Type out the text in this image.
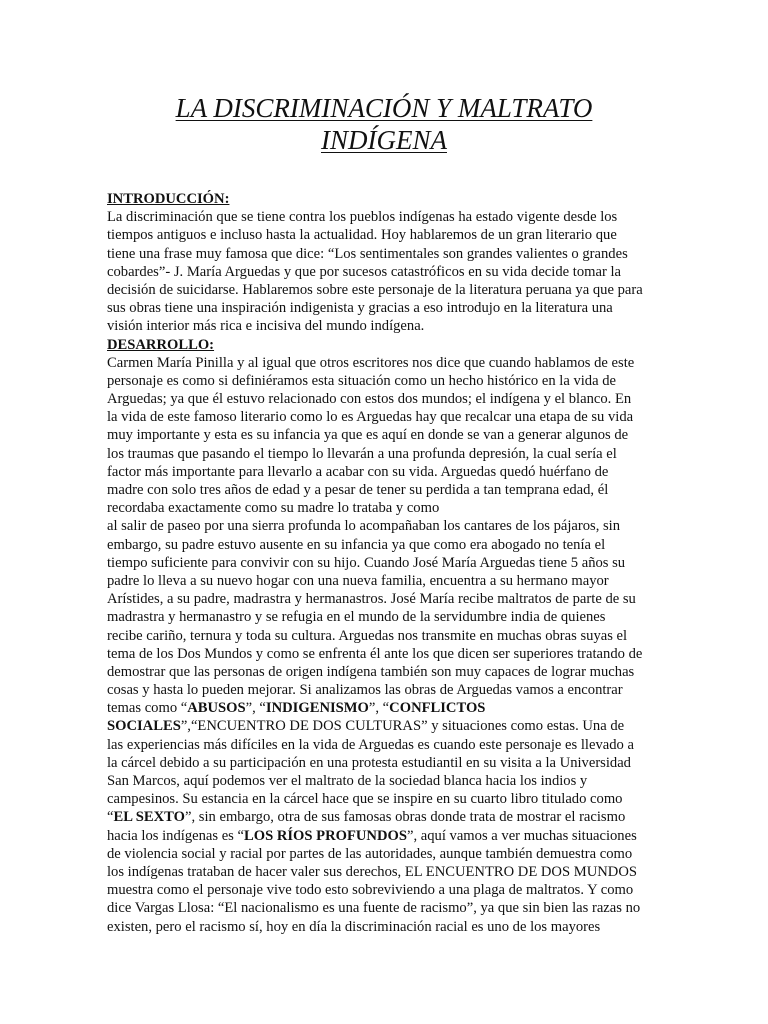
LA DISCRIMINACIÓN Y MALTRATO
INDÍGENA
INTRODUCCIÓN:
La discriminación que se tiene contra los pueblos indígenas ha estado vigente desde los
tiempos antiguos e incluso hasta la actualidad. Hoy hablaremos de un gran literario que
tiene una frase muy famosa que dice: “Los sentimentales son grandes valientes o grandes
cobardes”- J. María Arguedas y que por sucesos catastróficos en su vida decide tomar la
decisión de suicidarse. Hablaremos sobre este personaje de la literatura peruana ya que para
sus obras tiene una inspiración indigenista y gracias a eso introdujo en la literatura una
visión interior más rica e incisiva del mundo indígena.
DESARROLLO:
Carmen María Pinilla y al igual que otros escritores nos dice que cuando hablamos de este
personaje es como si definiéramos esta situación como un hecho histórico en la vida de
Arguedas; ya que él estuvo relacionado con estos dos mundos; el indígena y el blanco. En
la vida de este famoso literario como lo es Arguedas hay que recalcar una etapa de su vida
muy importante y esta es su infancia ya que es aquí en donde se van a generar algunos de
los traumas que pasando el tiempo lo llevarán a una profunda depresión, la cual sería el
factor más importante para llevarlo a acabar con su vida. Arguedas quedó huérfano de
madre con solo tres años de edad y a pesar de tener su perdida a tan temprana edad, él
recordaba exactamente como su madre lo trataba y como
al salir de paseo por una sierra profunda lo acompañaban los cantares de los pájaros, sin
embargo, su padre estuvo ausente en su infancia ya que como era abogado no tenía el
tiempo suficiente para convivir con su hijo. Cuando José María Arguedas tiene 5 años su
padre lo lleva a su nuevo hogar con una nueva familia, encuentra a su hermano mayor
Arístides, a su padre, madrastra y hermanastros. José María recibe maltratos de parte de su
madrastra y hermanastro y se refugia en el mundo de la servidumbre india de quienes
recibe cariño, ternura y toda su cultura. Arguedas nos transmite en muchas obras suyas el
tema de los Dos Mundos y como se enfrenta él ante los que dicen ser superiores tratando de
demostrar que las personas de origen indígena también son muy capaces de lograr muchas
cosas y hasta lo pueden mejorar. Si analizamos las obras de Arguedas vamos a encontrar
temas como “ABUSOS”, “INDIGENISMO”, “CONFLICTOS
SOCIALES”,“ENCUENTRO DE DOS CULTURAS” y situaciones como estas. Una de
las experiencias más difíciles en la vida de Arguedas es cuando este personaje es llevado a
la cárcel debido a su participación en una protesta estudiantil en su visita a la Universidad
San Marcos, aquí podemos ver el maltrato de la sociedad blanca hacia los indios y
campesinos. Su estancia en la cárcel hace que se inspire en su cuarto libro titulado como
“EL SEXTO”, sin embargo, otra de sus famosas obras donde trata de mostrar el racismo
hacia los indígenas es “LOS RÍOS PROFUNDOS”, aquí vamos a ver muchas situaciones
de violencia social y racial por partes de las autoridades, aunque también demuestra como
los indígenas trataban de hacer valer sus derechos, EL ENCUENTRO DE DOS MUNDOS
muestra como el personaje vive todo esto sobreviviendo a una plaga de maltratos. Y como
dice Vargas Llosa: “El nacionalismo es una fuente de racismo”, ya que sin bien las razas no
existen, pero el racismo sí, hoy en día la discriminación racial es uno de los mayores
